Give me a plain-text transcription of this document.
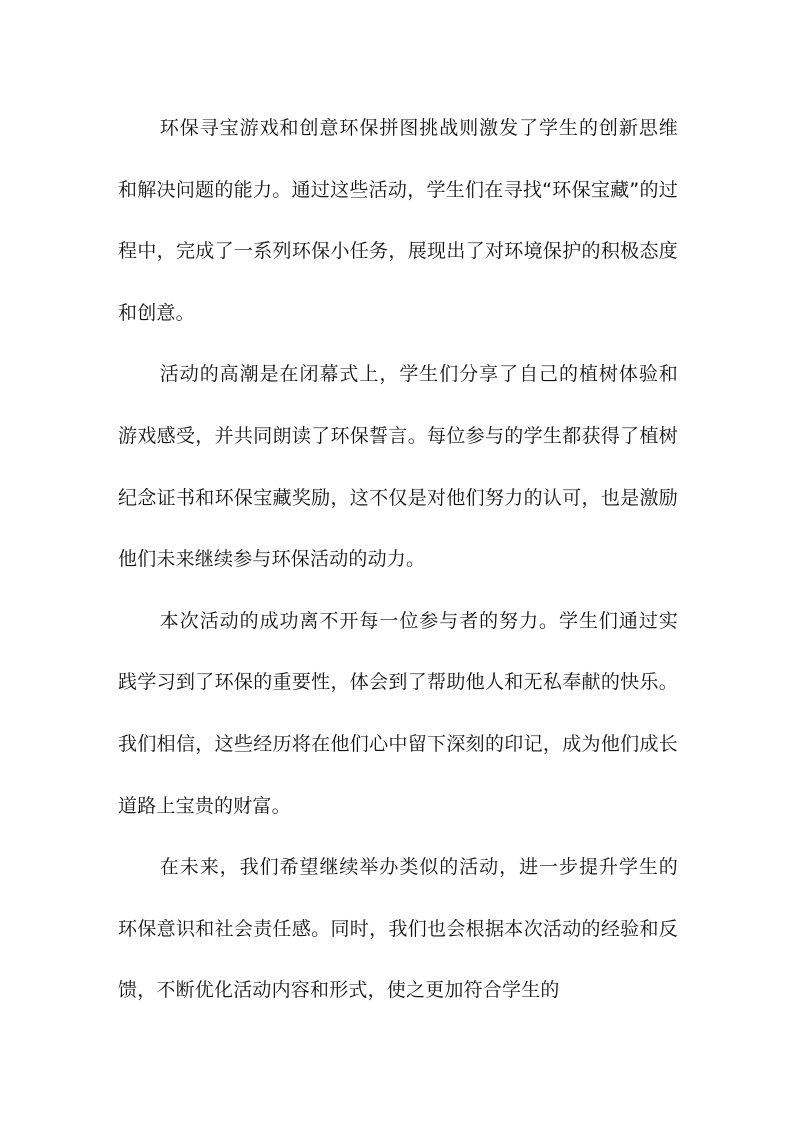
环保寻宝游戏和创意环保拼图挑战则激发了学生的创新思维和解决问题的能力。通过这些活动，学生们在寻找“环保宝藏”的过程中，完成了一系列环保小任务，展现出了对环境保护的积极态度和创意。

活动的高潮是在闭幕式上，学生们分享了自己的植树体验和游戏感受，并共同朗读了环保誓言。每位参与的学生都获得了植树纪念证书和环保宝藏奖励，这不仅是对他们努力的认可，也是激励他们未来继续参与环保活动的动力。

本次活动的成功离不开每一位参与者的努力。学生们通过实践学习到了环保的重要性，体会到了帮助他人和无私奉献的快乐。我们相信，这些经历将在他们心中留下深刻的印记，成为他们成长道路上宝贵的财富。

在未来，我们希望继续举办类似的活动，进一步提升学生的环保意识和社会责任感。同时，我们也会根据本次活动的经验和反馈，不断优化活动内容和形式，使之更加符合学生的
